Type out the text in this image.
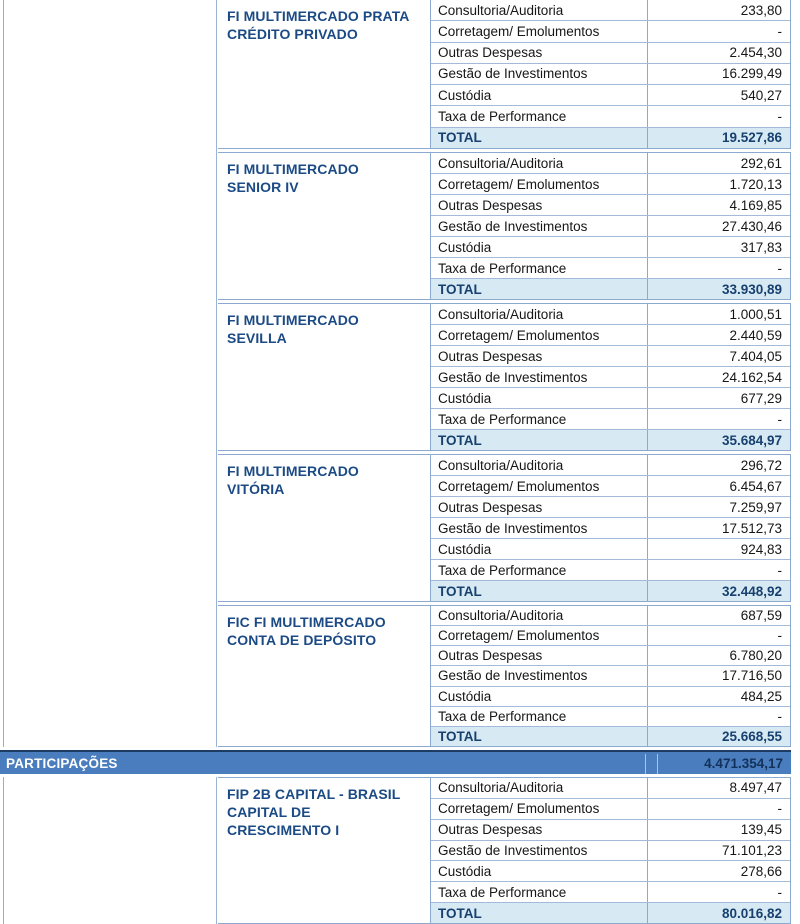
FI MULTIMERCADO PRATA
CRÉDITO PRIVADO
Consultoria/Auditoria	233,80
Corretagem/ Emolumentos	-
Outras Despesas	2.454,30
Gestão de Investimentos	16.299,49
Custódia	540,27
Taxa de Performance	-
TOTAL	19.527,86
FI MULTIMERCADO
SENIOR IV
Consultoria/Auditoria	292,61
Corretagem/ Emolumentos	1.720,13
Outras Despesas	4.169,85
Gestão de Investimentos	27.430,46
Custódia	317,83
Taxa de Performance	-
TOTAL	33.930,89
FI MULTIMERCADO
SEVILLA
Consultoria/Auditoria	1.000,51
Corretagem/ Emolumentos	2.440,59
Outras Despesas	7.404,05
Gestão de Investimentos	24.162,54
Custódia	677,29
Taxa de Performance	-
TOTAL	35.684,97
FI MULTIMERCADO
VITÓRIA
Consultoria/Auditoria	296,72
Corretagem/ Emolumentos	6.454,67
Outras Despesas	7.259,97
Gestão de Investimentos	17.512,73
Custódia	924,83
Taxa de Performance	-
TOTAL	32.448,92
FIC FI MULTIMERCADO
CONTA DE DEPÓSITO
Consultoria/Auditoria	687,59
Corretagem/ Emolumentos	-
Outras Despesas	6.780,20
Gestão de Investimentos	17.716,50
Custódia	484,25
Taxa de Performance	-
TOTAL	25.668,55
FIP 2B CAPITAL - BRASIL
CAPITAL DE
CRESCIMENTO I
Consultoria/Auditoria	8.497,47
Corretagem/ Emolumentos	-
Outras Despesas	139,45
Gestão de Investimentos	71.101,23
Custódia	278,66
Taxa de Performance	-
TOTAL	80.016,82
PARTICIPAÇÕES	4.471.354,17
